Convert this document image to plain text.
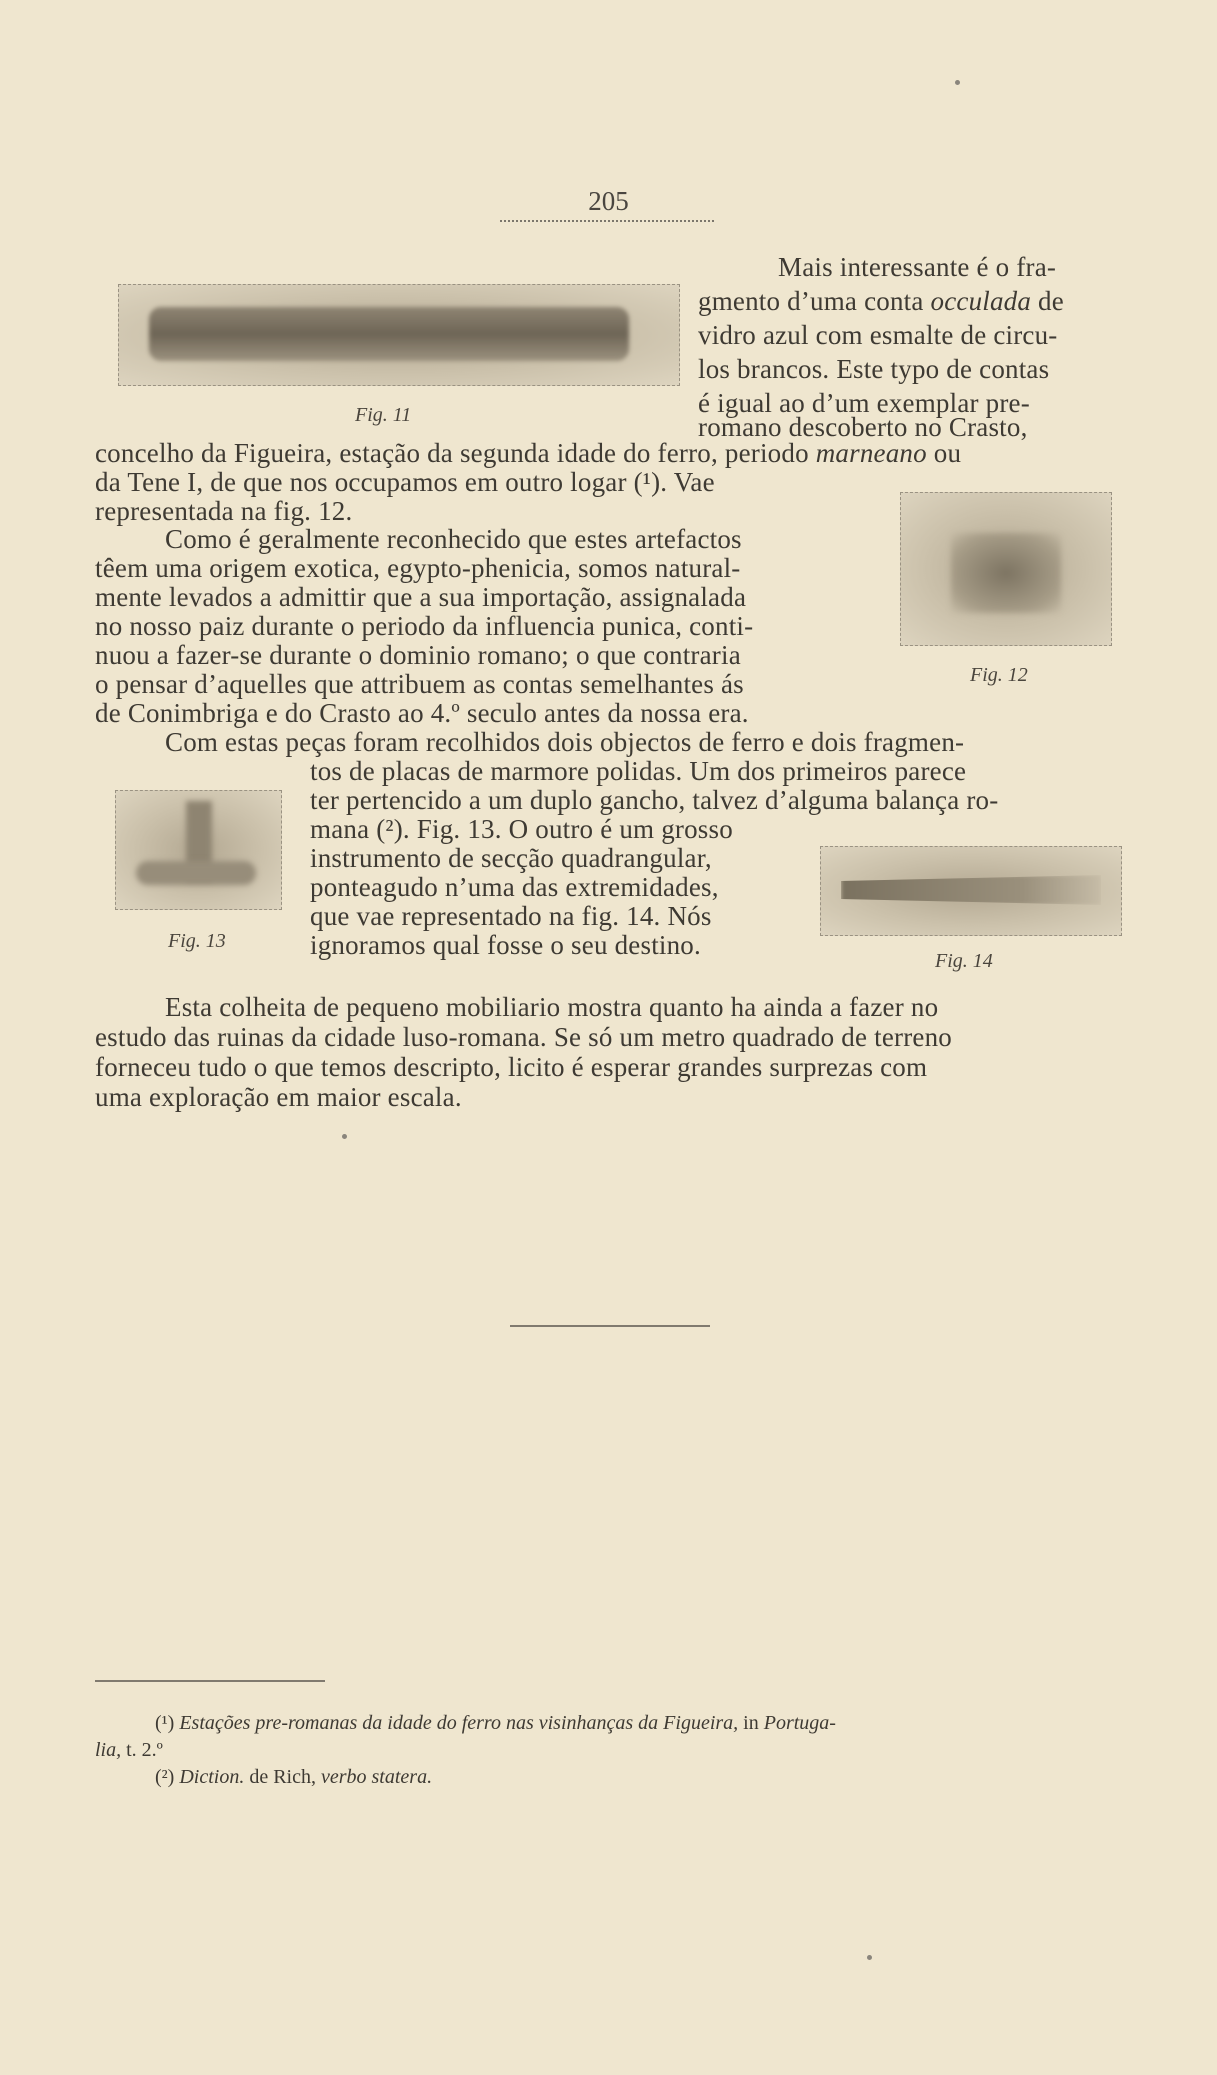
205
Fig. 11
Mais interessante é o fra-
gmento d’uma conta occulada de
vidro azul com esmalte de circu-
los brancos. Este typo de contas
é igual ao d’um exemplar pre-
romano descoberto no Crasto,
concelho da Figueira, estação da segunda idade do ferro, periodo marneano ou
da Tene I, de que nos occupamos em outro logar (¹). Vae
representada na fig. 12.
Fig. 12
Como é geralmente reconhecido que estes artefactos
têem uma origem exotica, egypto-phenicia, somos natural-
mente levados a admittir que a sua importação, assignalada
no nosso paiz durante o periodo da influencia punica, conti-
nuou a fazer-se durante o dominio romano; o que contraria
o pensar d’aquelles que attribuem as contas semelhantes ás
de Conimbriga e do Crasto ao 4.º seculo antes da nossa era.
Com estas peças foram recolhidos dois objectos de ferro e dois fragmen-
tos de placas de marmore polidas. Um dos primeiros parece
ter pertencido a um duplo gancho, talvez d’alguma balança ro-
mana (²). Fig. 13. O outro é um grosso
instrumento de secção quadrangular,
ponteagudo n’uma das extremidades,
que vae representado na fig. 14. Nós
ignoramos qual fosse o seu destino.
Fig. 13
Fig. 14
Esta colheita de pequeno mobiliario mostra quanto ha ainda a fazer no
estudo das ruinas da cidade luso-romana. Se só um metro quadrado de terreno
forneceu tudo o que temos descripto, licito é esperar grandes surprezas com
uma exploração em maior escala.
(¹) Estações pre-romanas da idade do ferro nas visinhanças da Figueira, in Portuga-
lia, t. 2.º
(²) Diction. de Rich, verbo statera.
